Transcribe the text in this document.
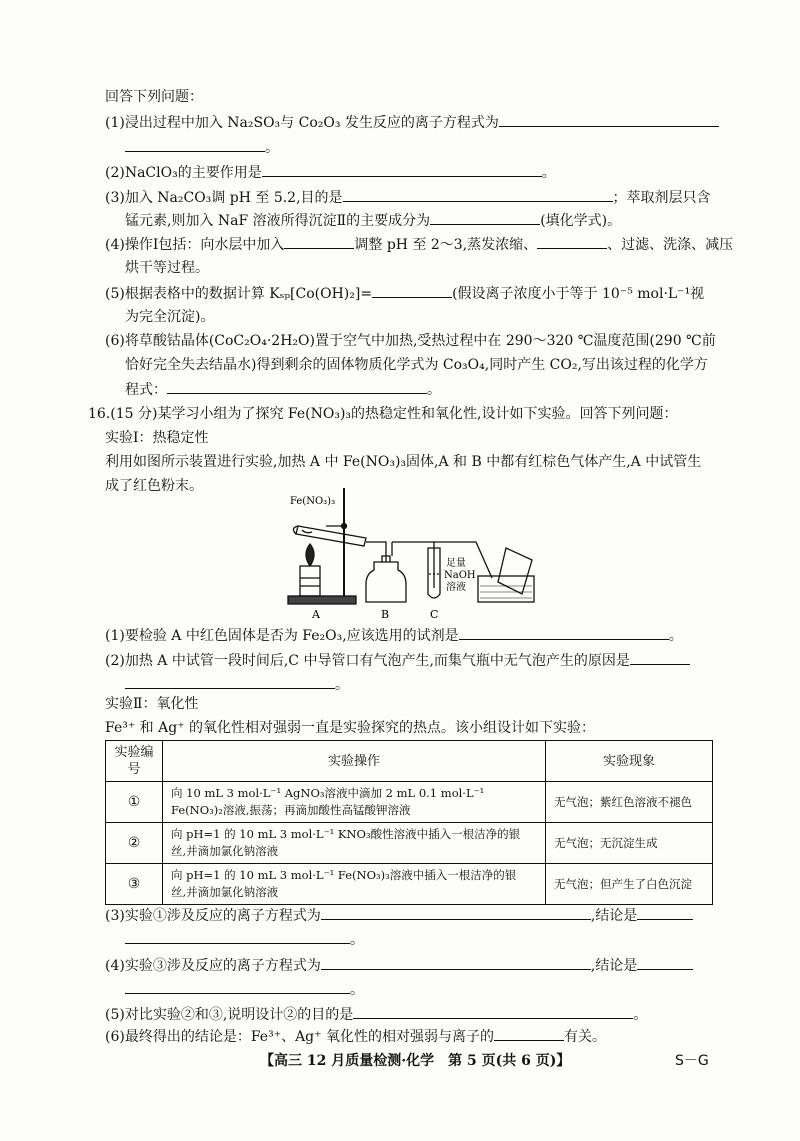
回答下列问题：
(1)浸出过程中加入 Na₂SO₃与 Co₂O₃ 发生反应的离子方程式为
。
(2)NaClO₃的主要作用是	。
(3)加入 Na₂CO₃调 pH 至 5.2,目的是	；萃取剂层只含
锰元素,则加入 NaF 溶液所得沉淀Ⅱ的主要成分为	(填化学式)。
(4)操作Ⅰ包括：向水层中加入	调整 pH 至 2～3,蒸发浓缩、	、过滤、洗涤、减压
烘干等过程。
(5)根据表格中的数据计算 Kₛₚ[Co(OH)₂]=	(假设离子浓度小于等于 10⁻⁵ mol·L⁻¹视
为完全沉淀)。
(6)将草酸钴晶体(CoC₂O₄·2H₂O)置于空气中加热,受热过程中在 290～320 ℃温度范围(290 ℃前
恰好完全失去结晶水)得到剩余的固体物质化学式为 Co₃O₄,同时产生 CO₂,写出该过程的化学方
程式：	。
16.(15 分)某学习小组为了探究 Fe(NO₃)₃的热稳定性和氧化性,设计如下实验。回答下列问题：
实验Ⅰ：热稳定性
利用如图所示装置进行实验,加热 A 中 Fe(NO₃)₃固体,A 和 B 中都有红棕色气体产生,A 中试管生
成了红色粉末。
Fe(NO₃)₃
A	B	C
足量
NaOH
溶液
(1)要检验 A 中红色固体是否为 Fe₂O₃,应该选用的试剂是	。
(2)加热 A 中试管一段时间后,C 中导管口有气泡产生,而集气瓶中无气泡产生的原因是
。
实验Ⅱ：氧化性
Fe³⁺ 和 Ag⁺ 的氧化性相对强弱一直是实验探究的热点。该小组设计如下实验：
实验编号	实验操作	实验现象
①	向 10 mL 3 mol·L⁻¹ AgNO₃溶液中滴加 2 mL 0.1 mol·L⁻¹
Fe(NO₃)₂溶液,振荡；再滴加酸性高锰酸钾溶液	无气泡；紫红色溶液不褪色
②	向 pH=1 的 10 mL 3 mol·L⁻¹ KNO₃酸性溶液中插入一根洁净的银
丝,并滴加氯化钠溶液	无气泡；无沉淀生成
③	向 pH=1 的 10 mL 3 mol·L⁻¹ Fe(NO₃)₃溶液中插入一根洁净的银
丝,并滴加氯化钠溶液	无气泡；但产生了白色沉淀
(3)实验①涉及反应的离子方程式为	,结论是
。
(4)实验③涉及反应的离子方程式为	,结论是
。
(5)对比实验②和③,说明设计②的目的是	。
(6)最终得出的结论是：Fe³⁺、Ag⁺ 氧化性的相对强弱与离子的	有关。
【高三 12 月质量检测·化学　第 5 页(共 6 页)】	S－G
